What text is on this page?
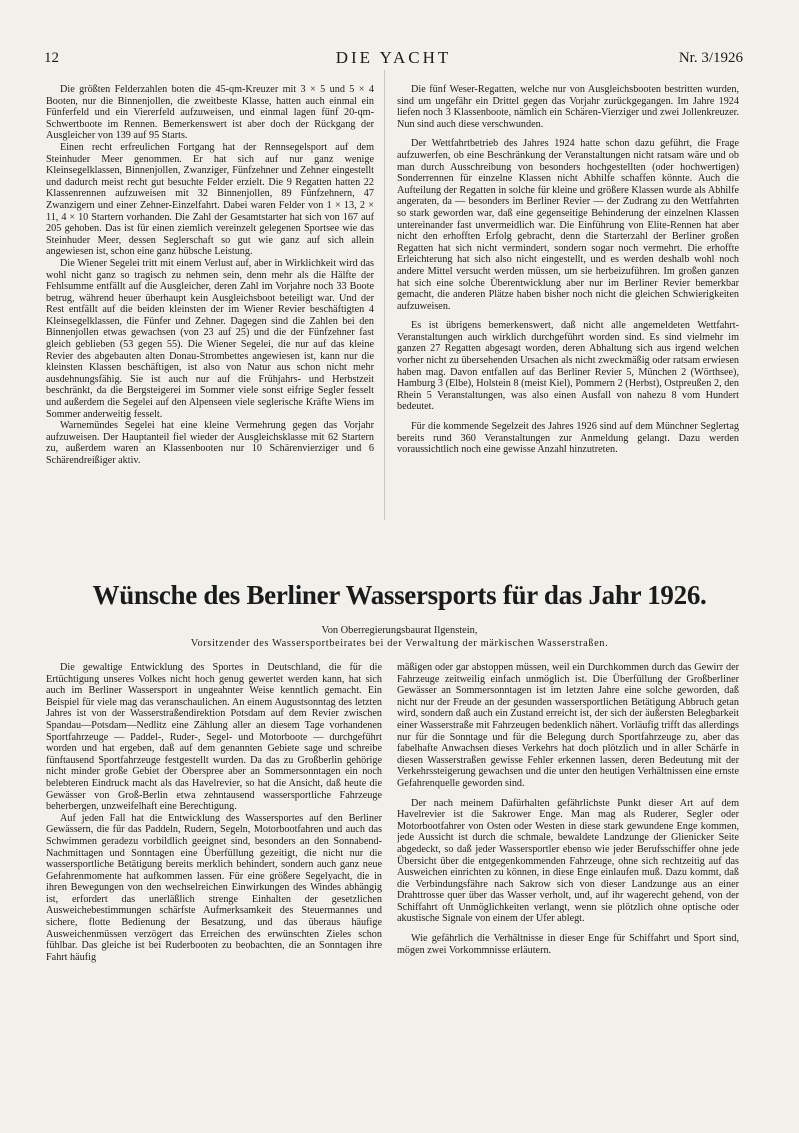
12	DIE YACHT	Nr. 3/1926

Die größten Felderzahlen boten die 45-qm-Kreuzer mit 3 × 5 und 5 × 4 Booten, nur die Binnenjollen, die zweitbeste Klasse, hatten auch einmal ein Fünferfeld und ein Viererfeld aufzuweisen, und einmal lagen fünf 20-qm-Schwertboote im Rennen. Bemerkenswert ist aber doch der Rückgang der Ausgleicher von 139 auf 95 Starts.

Einen recht erfreulichen Fortgang hat der Rennsegelsport auf dem Steinhuder Meer genommen. Er hat sich auf nur ganz wenige Kleinsegelklassen, Binnenjollen, Zwanziger, Fünfzehner und Zehner eingestellt und dadurch meist recht gut besuchte Felder erzielt. Die 9 Regatten hatten 22 Klassenrennen aufzuweisen mit 32 Binnenjollen, 89 Fünfzehnern, 47 Zwanzigern und einer Zehner-Einzelfahrt. Dabei waren Felder von 1 × 13, 2 × 11, 4 × 10 Startern vorhanden. Die Zahl der Gesamtstarter hat sich von 167 auf 205 gehoben. Das ist für einen ziemlich vereinzelt gelegenen Sportsee wie das Steinhuder Meer, dessen Seglerschaft so gut wie ganz auf sich allein angewiesen ist, schon eine ganz hübsche Leistung.

Die Wiener Segelei tritt mit einem Verlust auf, aber in Wirklichkeit wird das wohl nicht ganz so tragisch zu nehmen sein, denn mehr als die Hälfte der Fehlsumme entfällt auf die Ausgleicher, deren Zahl im Vorjahre noch 33 Boote betrug, während heuer überhaupt kein Ausgleichsboot beteiligt war. Und der Rest entfällt auf die beiden kleinsten der im Wiener Revier beschäftigten 4 Kleinsegelklassen, die Fünfer und Zehner. Dagegen sind die Zahlen bei den Binnenjollen etwas gewachsen (von 23 auf 25) und die der Fünfzehner fast gleich geblieben (53 gegen 55). Die Wiener Segelei, die nur auf das kleine Revier des abgebauten alten Donau-Strombettes angewiesen ist, kann nur die kleinsten Klassen beschäftigen, ist also von Natur aus schon nicht mehr ausdehnungsfähig. Sie ist auch nur auf die Frühjahrs- und Herbstzeit beschränkt, da die Bergsteigerei im Sommer viele sonst eifrige Segler fesselt und außerdem die Segelei auf den Alpenseen viele seglerische Kräfte Wiens im Sommer anderweitig fesselt.

Warnemündes Segelei hat eine kleine Vermehrung gegen das Vorjahr aufzuweisen. Der Hauptanteil fiel wieder der Ausgleichsklasse mit 62 Startern zu, außerdem waren an Klassenbooten nur 10 Schärenvierziger und 6 Schärendreißiger aktiv.

Die fünf Weser-Regatten, welche nur von Ausgleichsbooten bestritten wurden, sind um ungefähr ein Drittel gegen das Vorjahr zurückgegangen. Im Jahre 1924 liefen noch 3 Klassenboote, nämlich ein Schären-Vierziger und zwei Jollenkreuzer. Nun sind auch diese verschwunden.

Der Wettfahrtbetrieb des Jahres 1924 hatte schon dazu geführt, die Frage aufzuwerfen, ob eine Beschränkung der Veranstaltungen nicht ratsam wäre und ob man durch Ausschreibung von besonders hochgestellten (oder hochwertigen) Sonderrennen für einzelne Klassen nicht Abhilfe schaffen könnte. Auch die Aufteilung der Regatten in solche für kleine und größere Klassen wurde als Abhilfe angeraten, da — besonders im Berliner Revier — der Zudrang zu den Wettfahrten so stark geworden war, daß eine gegenseitige Behinderung der einzelnen Klassen untereinander fast unvermeidlich war. Die Einführung von Elite-Rennen hat aber nicht den erhofften Erfolg gebracht, denn die Starterzahl der Berliner großen Regatten hat sich nicht vermindert, sondern sogar noch vermehrt. Die erhoffte Erleichterung hat sich also nicht eingestellt, und es werden deshalb wohl noch andere Mittel versucht werden müssen, um sie herbeizuführen. Im großen ganzen hat sich eine solche Überentwicklung aber nur im Berliner Revier bemerkbar gemacht, die anderen Plätze haben bisher noch nicht die gleichen Schwierigkeiten aufzuweisen.

Es ist übrigens bemerkenswert, daß nicht alle angemeldeten Wettfahrt-Veranstaltungen auch wirklich durchgeführt worden sind. Es sind vielmehr im ganzen 27 Regatten abgesagt worden, deren Abhaltung sich aus irgend welchen vorher nicht zu übersehenden Ursachen als nicht zweckmäßig oder ratsam erwiesen haben mag. Davon entfallen auf das Berliner Revier 5, München 2 (Wörthsee), Hamburg 3 (Elbe), Holstein 8 (meist Kiel), Pommern 2 (Herbst), Ostpreußen 2, den Rhein 5 Veranstaltungen, was also einen Ausfall von nahezu 8 vom Hundert bedeutet.

Für die kommende Segelzeit des Jahres 1926 sind auf dem Münchner Seglertag bereits rund 360 Veranstaltungen zur Anmeldung gelangt. Dazu werden voraussichtlich noch eine gewisse Anzahl hinzutreten.

Wünsche des Berliner Wassersports für das Jahr 1926.
Von Oberregierungsbaurat Ilgenstein,
Vorsitzender des Wassersportbeirates bei der Verwaltung der märkischen Wasserstraßen.

Die gewaltige Entwicklung des Sportes in Deutschland, die für die Ertüchtigung unseres Volkes nicht hoch genug gewertet werden kann, hat sich auch im Berliner Wassersport in ungeahnter Weise kenntlich gemacht. Ein Beispiel für viele mag das veranschaulichen. An einem Augustsonntag des letzten Jahres ist von der Wasserstraßendirektion Potsdam auf dem Revier zwischen Spandau—Potsdam—Nedlitz eine Zählung aller an diesem Tage vorhandenen Sportfahrzeuge — Paddel-, Ruder-, Segel- und Motorboote — durchgeführt worden und hat ergeben, daß auf dem genannten Gebiete sage und schreibe fünftausend Sportfahrzeuge festgestellt wurden. Da das zu Großberlin gehörige nicht minder große Gebiet der Oberspree aber an Sommersonntagen ein noch belebteren Eindruck macht als das Havelrevier, so hat die Ansicht, daß heute die Gewässer von Groß-Berlin etwa zehntausend wassersportliche Fahrzeuge beherbergen, unzweifelhaft eine Berechtigung.

Auf jeden Fall hat die Entwicklung des Wassersportes auf den Berliner Gewässern, die für das Paddeln, Rudern, Segeln, Motorbootfahren und auch das Schwimmen geradezu vorbildlich geeignet sind, besonders an den Sonnabend-Nachmittagen und Sonntagen eine Überfüllung gezeitigt, die nicht nur die wassersportliche Betätigung bereits merklich behindert, sondern auch ganz neue Gefahrenmomente hat aufkommen lassen. Für eine größere Segelyacht, die in ihren Bewegungen von den wechselreichen Einwirkungen des Windes abhängig ist, erfordert das unerläßlich strenge Einhalten der gesetzlichen Ausweichebestimmungen schärfste Aufmerksamkeit des Steuermannes und sichere, flotte Bedienung der Besatzung, und das überaus häufige Ausweichenmüssen verzögert das Erreichen des erwünschten Zieles schon fühlbar. Das gleiche ist bei Ruderbooten zu beobachten, die an Sonntagen ihre Fahrt häufig

mäßigen oder gar abstoppen müssen, weil ein Durchkommen durch das Gewirr der Fahrzeuge zeitweilig einfach unmöglich ist. Die Überfüllung der Großberliner Gewässer an Sommersonntagen ist im letzten Jahre eine solche geworden, daß nicht nur der Freude an der gesunden wassersportlichen Betätigung Abbruch getan wird, sondern daß auch ein Zustand erreicht ist, der sich der äußersten Belegbarkeit einer Wasserstraße mit Fahrzeugen bedenklich nähert. Vorläufig trifft das allerdings nur für die Sonntage und für die Belegung durch Sportfahrzeuge zu, aber das fabelhafte Anwachsen dieses Verkehrs hat doch plötzlich und in aller Schärfe in diesen Wasserstraßen gewisse Fehler erkennen lassen, deren Bedeutung mit der Verkehrssteigerung gewachsen und die unter den heutigen Verhältnissen eine ernste Gefahrenquelle geworden sind.

Der nach meinem Dafürhalten gefährlichste Punkt dieser Art auf dem Havelrevier ist die Sakrower Enge. Man mag als Ruderer, Segler oder Motorbootfahrer von Osten oder Westen in diese stark gewundene Enge kommen, jede Aussicht ist durch die schmale, bewaldete Landzunge der Glienicker Seite abgedeckt, so daß jeder Wassersportler ebenso wie jeder Berufsschiffer ohne jede Übersicht über die entgegenkommenden Fahrzeuge, ohne sich rechtzeitig auf das Ausweichen einrichten zu können, in diese Enge einlaufen muß. Dazu kommt, daß die Verbindungsfähre nach Sakrow sich von dieser Landzunge aus an einer Drahttrosse quer über das Wasser verholt, und, auf ihr wagerecht gehend, von der Schiffahrt oft Unmöglichkeiten verlangt, wenn sie plötzlich ohne optische oder akustische Signale von einem der Ufer ablegt.

Wie gefährlich die Verhältnisse in dieser Enge für Schiffahrt und Sport sind, mögen zwei Vorkommnisse erläutern.
